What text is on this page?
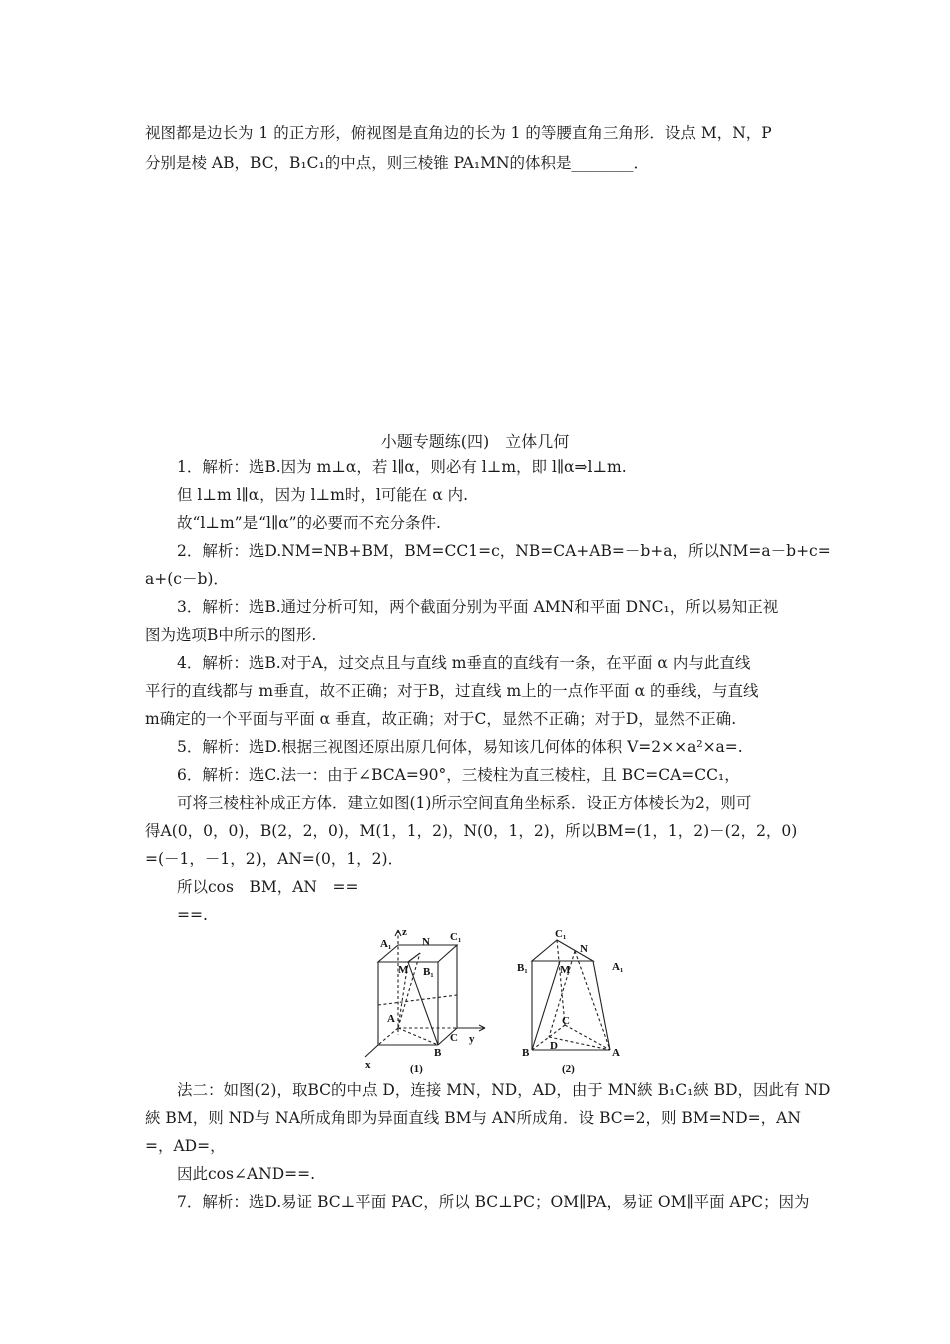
视图都是边长为 1 的正方形，俯视图是直角边的长为 1 的等腰直角三角形．设点 M，N，P
分别是棱 AB，BC，B₁C₁的中点，则三棱锥 PA₁MN的体积是________．
小题专题练(四)　立体几何
1．解析：选B.因为 m⊥α，若 l∥α，则必有 l⊥m，即 l∥α⇒l⊥m.
但 l⊥m l∥α，因为 l⊥m时，l可能在 α 内.
故“l⊥m”是“l∥α”的必要而不充分条件.
2．解析：选D.NM=NB+BM，BM=CC1=c，NB=CA+AB=－b+a，所以NM=a－b+c=
a+(c－b)．
3．解析：选B.通过分析可知，两个截面分别为平面 AMN和平面 DNC₁，所以易知正视
图为选项B中所示的图形.
4．解析：选B.对于A，过交点且与直线 m垂直的直线有一条，在平面 α 内与此直线
平行的直线都与 m垂直，故不正确；对于B，过直线 m上的一点作平面 α 的垂线，与直线
m确定的一个平面与平面 α 垂直，故正确；对于C，显然不正确；对于D，显然不正确.
5．解析：选D.根据三视图还原出原几何体，易知该几何体的体积 V=2××a²×a=.
6．解析：选C.法一：由于∠BCA=90°，三棱柱为直三棱柱，且 BC=CA=CC₁，
可将三棱柱补成正方体．建立如图(1)所示空间直角坐标系．设正方体棱长为2，则可
得A(0，0，0)，B(2，2，0)，M(1，1，2)，N(0，1，2)，所以BM=(1，1，2)－(2，2，0)
=(－1，－1，2)，AN=(0，1，2)．
所以cos　BM，AN　==
==.
z
A₁	N C₁
M B₁
A
C y
B
x	(1)
C₁
N
B₁	M	A₁
C
D
B	A
(2)
法二：如图(2)，取BC的中点 D，连接 MN，ND，AD，由于 MN綊 B₁C₁綊 BD，因此有 ND
綊 BM，则 ND与 NA所成角即为异面直线 BM与 AN所成角．设 BC=2，则 BM=ND=，AN
=，AD=，
因此cos∠AND==.
7．解析：选D.易证 BC⊥平面 PAC，所以 BC⊥PC；OM∥PA，易证 OM∥平面 APC；因为
